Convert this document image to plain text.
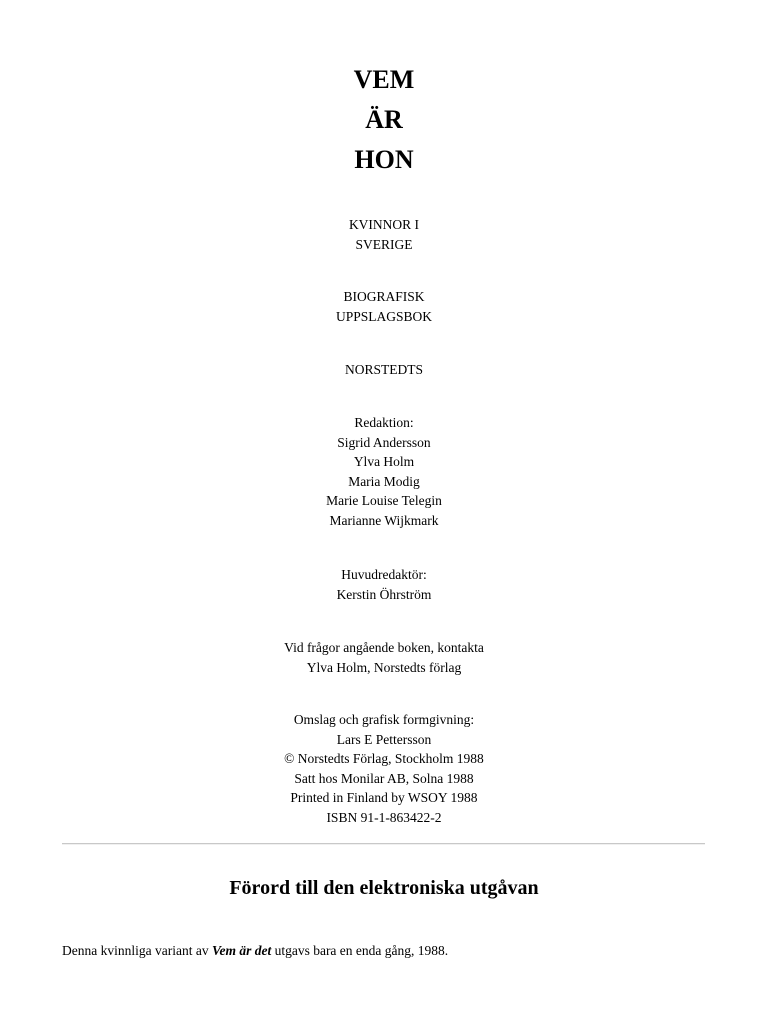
VEM
ÄR
HON
KVINNOR I
SVERIGE
BIOGRAFISK
UPPSLAGSBOK
NORSTEDTS
Redaktion:
Sigrid Andersson
Ylva Holm
Maria Modig
Marie Louise Telegin
Marianne Wijkmark
Huvudredaktör:
Kerstin Öhrström
Vid frågor angående boken, kontakta
Ylva Holm, Norstedts förlag
Omslag och grafisk formgivning:
Lars E Pettersson
© Norstedts Förlag, Stockholm 1988
Satt hos Monilar AB, Solna 1988
Printed in Finland by WSOY 1988
ISBN 91-1-863422-2
Förord till den elektroniska utgåvan

Denna kvinnliga variant av Vem är det utgavs bara en enda gång, 1988.
